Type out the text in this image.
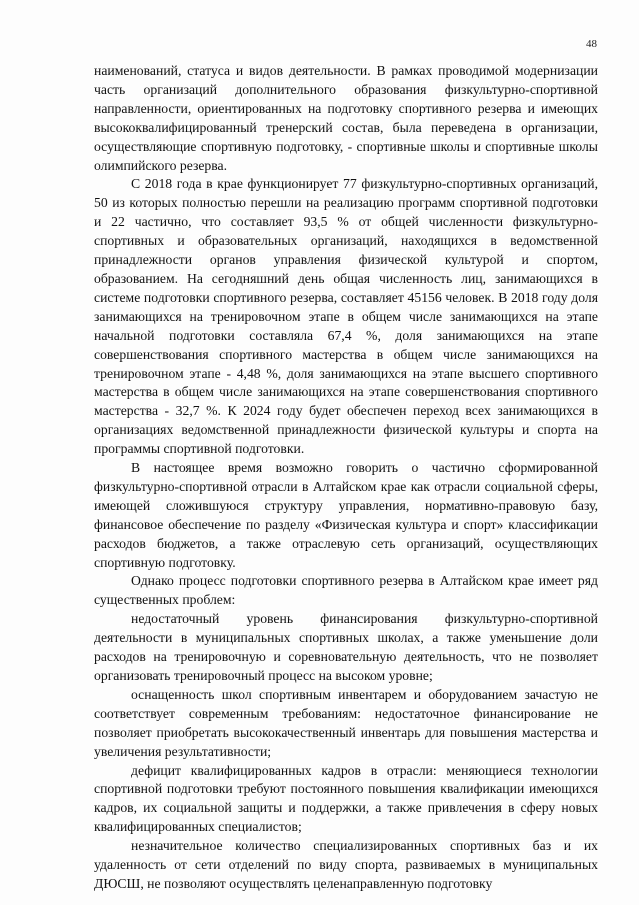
48

наименований, статуса и видов деятельности. В рамках проводимой модернизации часть организаций дополнительного образования физкультурно-спортивной направленности, ориентированных на подготовку спортивного резерва и имеющих высококвалифицированный тренерский состав, была переведена в организации, осуществляющие спортивную подготовку, - спортивные школы и спортивные школы олимпийского резерва.

С 2018 года в крае функционирует 77 физкультурно-спортивных организаций, 50 из которых полностью перешли на реализацию программ спортивной подготовки и 22 частично, что составляет 93,5 % от общей численности физкультурно-спортивных и образовательных организаций, находящихся в ведомственной принадлежности органов управления физической культурой и спортом, образованием. На сегодняшний день общая численность лиц, занимающихся в системе подготовки спортивного резерва, составляет 45156 человек. В 2018 году доля занимающихся на тренировочном этапе в общем числе занимающихся на этапе начальной подготовки составляла 67,4 %, доля занимающихся на этапе совершенствования спортивного мастерства в общем числе занимающихся на тренировочном этапе - 4,48 %, доля занимающихся на этапе высшего спортивного мастерства в общем числе занимающихся на этапе совершенствования спортивного мастерства - 32,7 %. К 2024 году будет обеспечен переход всех занимающихся в организациях ведомственной принадлежности физической культуры и спорта на программы спортивной подготовки.

В настоящее время возможно говорить о частично сформированной физкультурно-спортивной отрасли в Алтайском крае как отрасли социальной сферы, имеющей сложившуюся структуру управления, нормативно-правовую базу, финансовое обеспечение по разделу «Физическая культура и спорт» классификации расходов бюджетов, а также отраслевую сеть организаций, осуществляющих спортивную подготовку.

Однако процесс подготовки спортивного резерва в Алтайском крае имеет ряд существенных проблем:

недостаточный уровень финансирования физкультурно-спортивной деятельности в муниципальных спортивных школах, а также уменьшение доли расходов на тренировочную и соревновательную деятельность, что не позволяет организовать тренировочный процесс на высоком уровне;

оснащенность школ спортивным инвентарем и оборудованием зачастую не соответствует современным требованиям: недостаточное финансирование не позволяет приобретать высококачественный инвентарь для повышения мастерства и увеличения результативности;

дефицит квалифицированных кадров в отрасли: меняющиеся технологии спортивной подготовки требуют постоянного повышения квалификации имеющихся кадров, их социальной защиты и поддержки, а также привлечения в сферу новых квалифицированных специалистов;

незначительное количество специализированных спортивных баз и их удаленность от сети отделений по виду спорта, развиваемых в муниципальных ДЮСШ, не позволяют осуществлять целенаправленную подготовку
